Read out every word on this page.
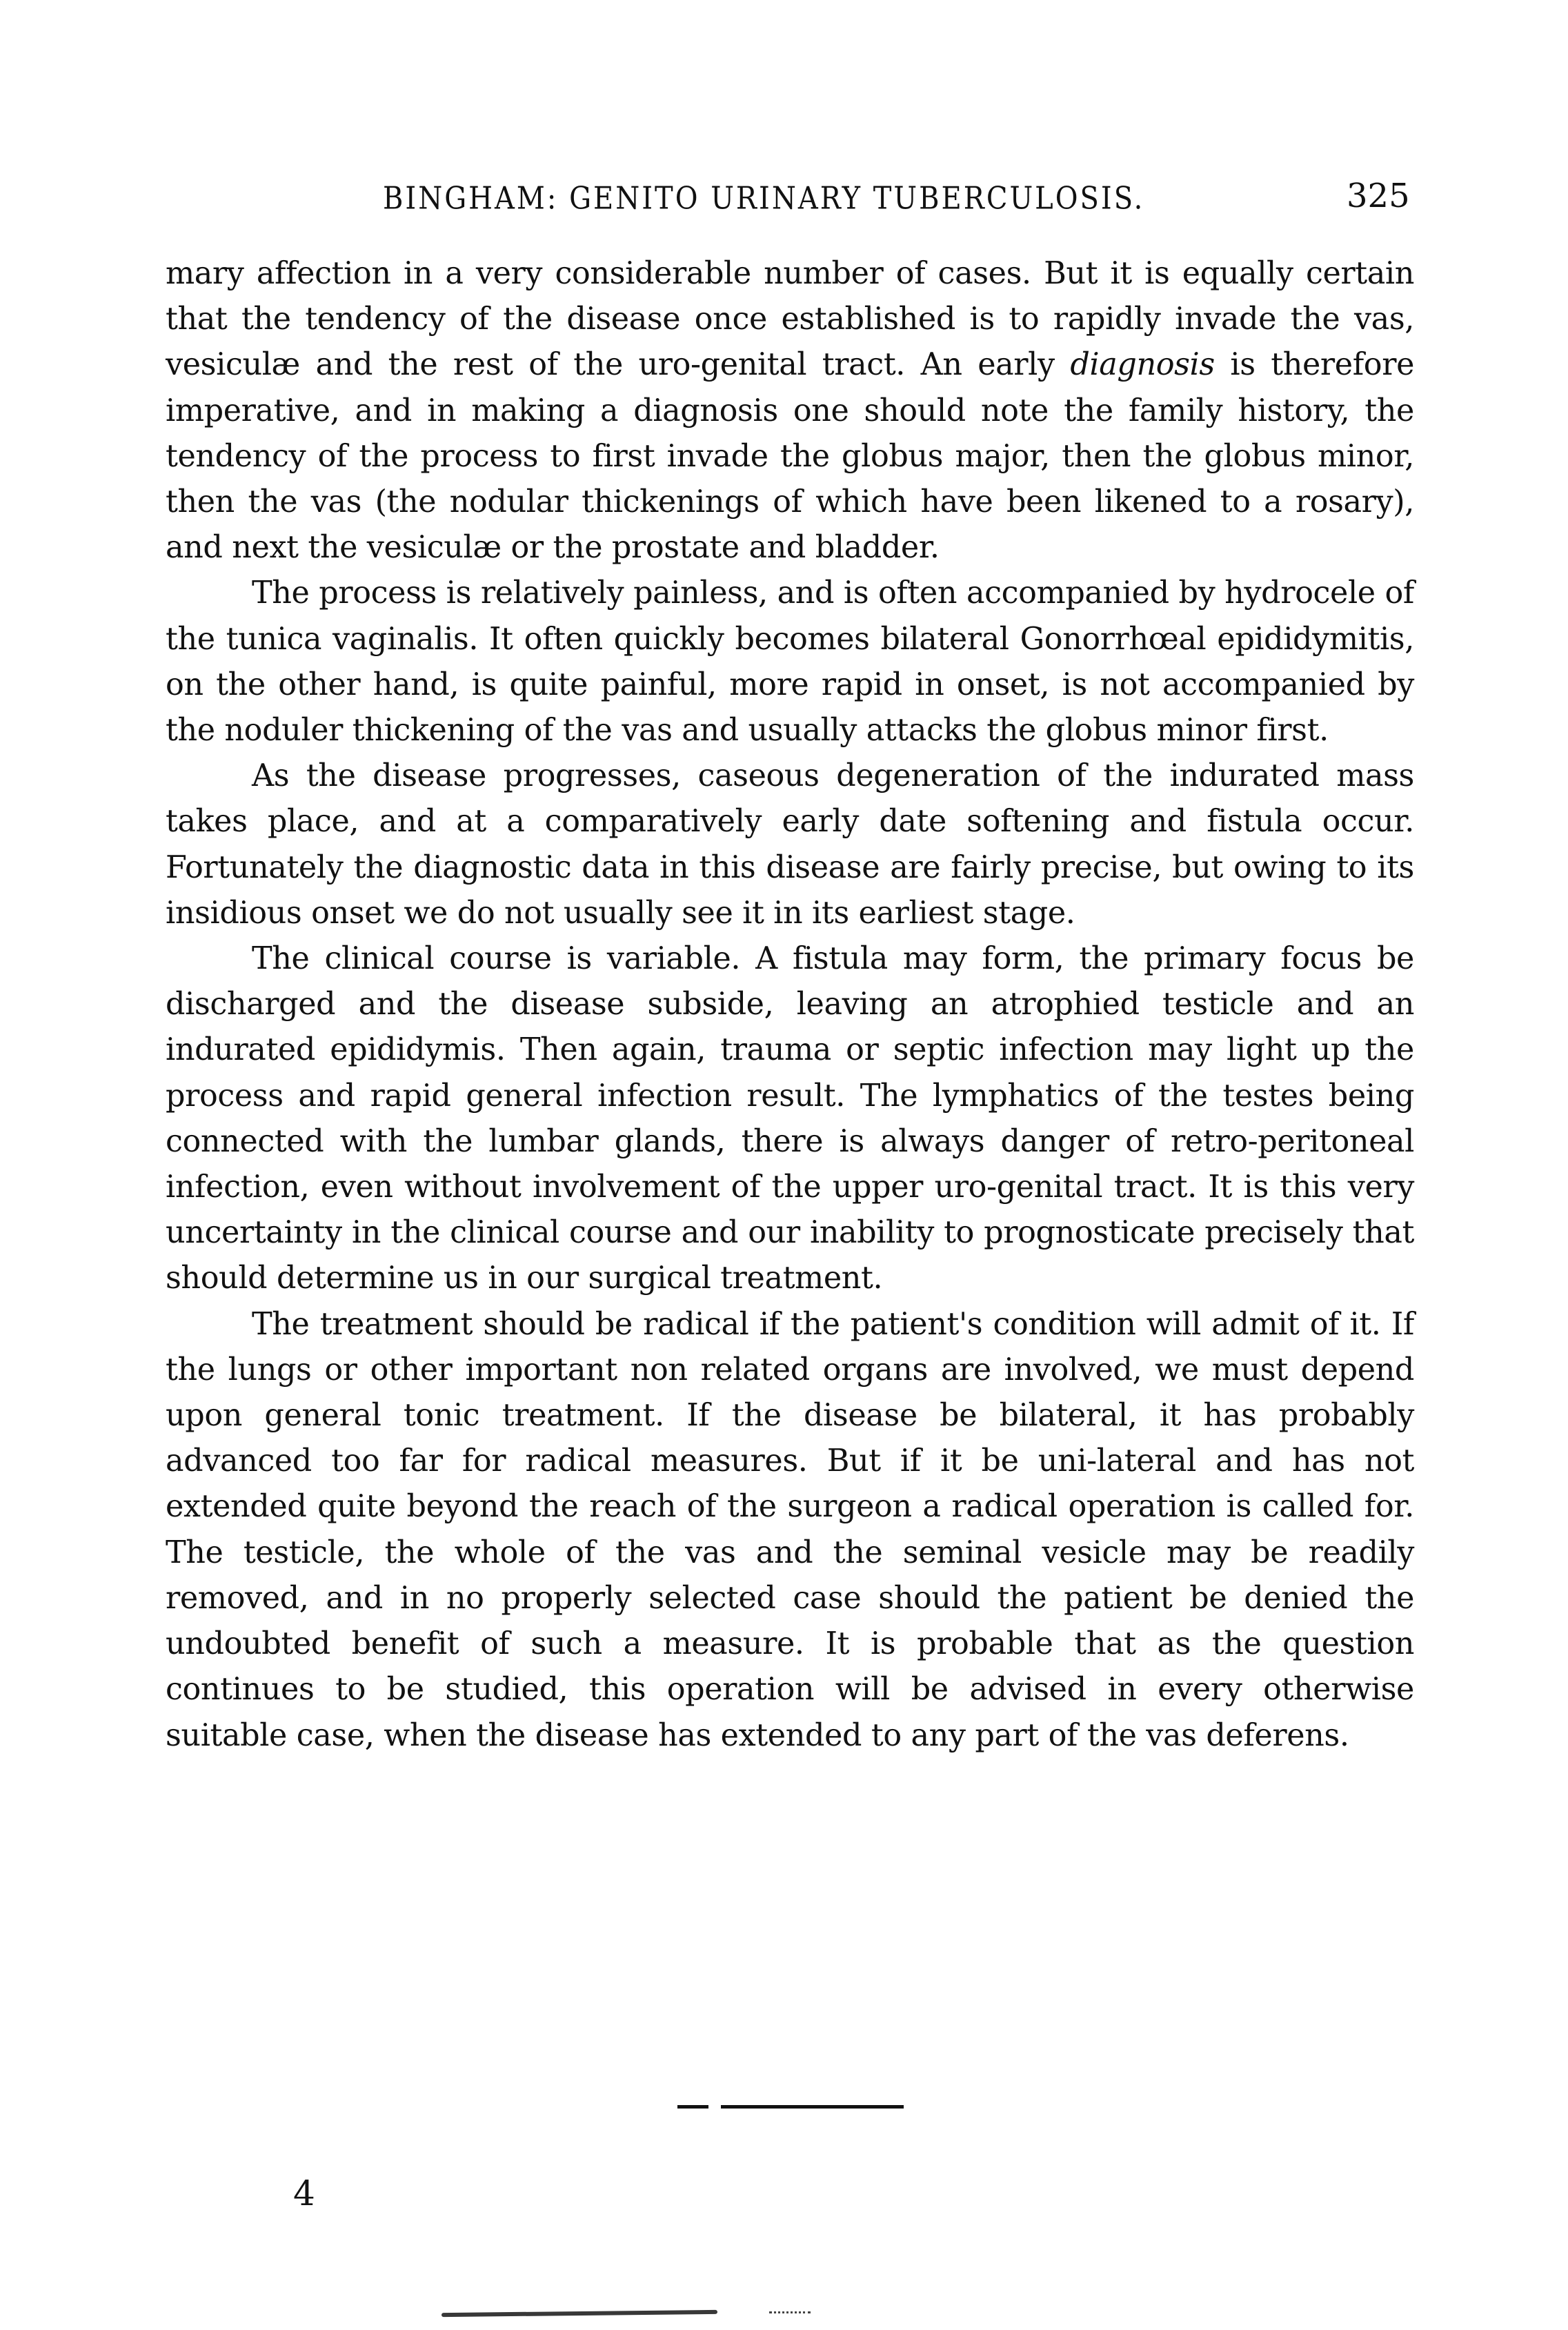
BINGHAM: GENITO URINARY TUBERCULOSIS.	325

mary affection in a very considerable number of cases. But it is equally certain that the tendency of the disease once established is to rapidly invade the vas, vesiculæ and the rest of the uro-genital tract. An early diagnosis is therefore imperative, and in making a diagnosis one should note the family history, the tendency of the process to first invade the globus major, then the globus minor, then the vas (the nodular thickenings of which have been likened to a rosary), and next the vesiculæ or the prostate and bladder.

The process is relatively painless, and is often accompanied by hydrocele of the tunica vaginalis. It often quickly becomes bilateral Gonorrhœal epididymitis, on the other hand, is quite painful, more rapid in onset, is not accompanied by the noduler thickening of the vas and usually attacks the globus minor first.

As the disease progresses, caseous degeneration of the indurated mass takes place, and at a comparatively early date softening and fistula occur. Fortunately the diagnostic data in this disease are fairly precise, but owing to its insidious onset we do not usually see it in its earliest stage.

The clinical course is variable. A fistula may form, the primary focus be discharged and the disease subside, leaving an atrophied testicle and an indurated epididymis. Then again, trauma or septic infection may light up the process and rapid general infection result. The lymphatics of the testes being connected with the lumbar glands, there is always danger of retro-peritoneal infection, even without involvement of the upper uro-genital tract. It is this very uncertainty in the clinical course and our inability to prognosticate precisely that should determine us in our surgical treatment.

The treatment should be radical if the patient's condition will admit of it. If the lungs or other important non related organs are involved, we must depend upon general tonic treatment. If the disease be bilateral, it has probably advanced too far for radical measures. But if it be uni-lateral and has not extended quite beyond the reach of the surgeon a radical operation is called for. The testicle, the whole of the vas and the seminal vesicle may be readily removed, and in no properly selected case should the patient be denied the undoubted benefit of such a measure. It is probable that as the question continues to be studied, this operation will be advised in every otherwise suitable case, when the disease has extended to any part of the vas deferens.

4
